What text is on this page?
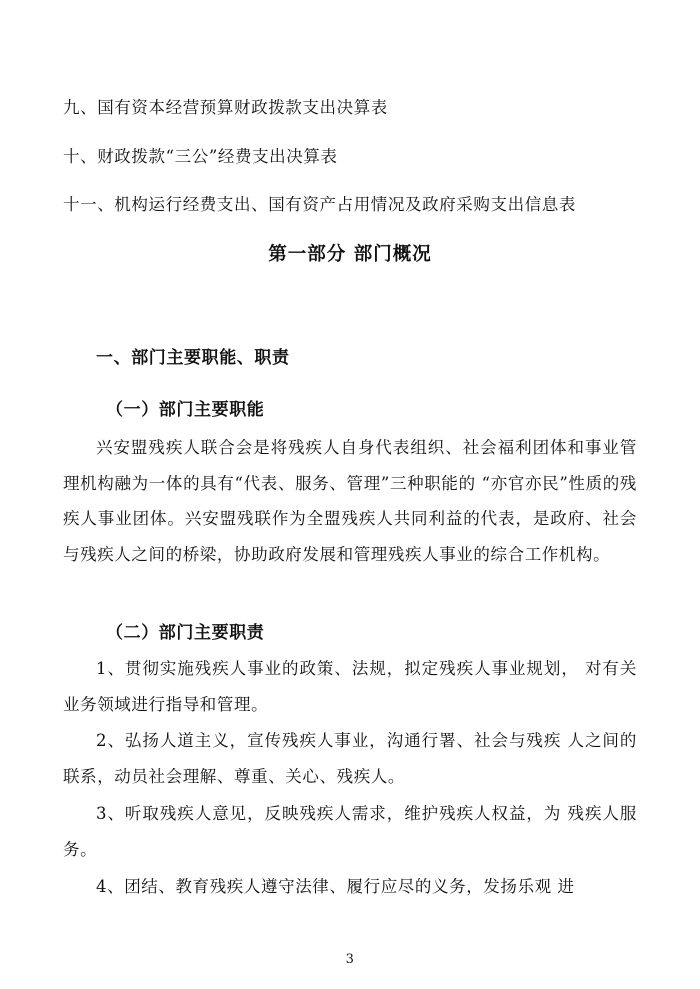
九、国有资本经营预算财政拨款支出决算表
十、财政拨款“三公”经费支出决算表
十一、机构运行经费支出、国有资产占用情况及政府采购支出信息表
第一部分 部门概况
一、部门主要职能、职责
（一）部门主要职能
兴安盟残疾人联合会是将残疾人自身代表组织、社会福利团体和事业管理机构融为一体的具有“代表、服务、管理”三种职能的 “亦官亦民”性质的残疾人事业团体。兴安盟残联作为全盟残疾人共同利益的代表，是政府、社会与残疾人之间的桥梁，协助政府发展和管理残疾人事业的综合工作机构。
（二）部门主要职责
1、贯彻实施残疾人事业的政策、法规，拟定残疾人事业规划， 对有关业务领域进行指导和管理。
2、弘扬人道主义，宣传残疾人事业，沟通行署、社会与残疾 人之间的联系，动员社会理解、尊重、关心、残疾人。
3、听取残疾人意见，反映残疾人需求，维护残疾人权益，为 残疾人服务。
4、团结、教育残疾人遵守法律、履行应尽的义务，发扬乐观 进
3
